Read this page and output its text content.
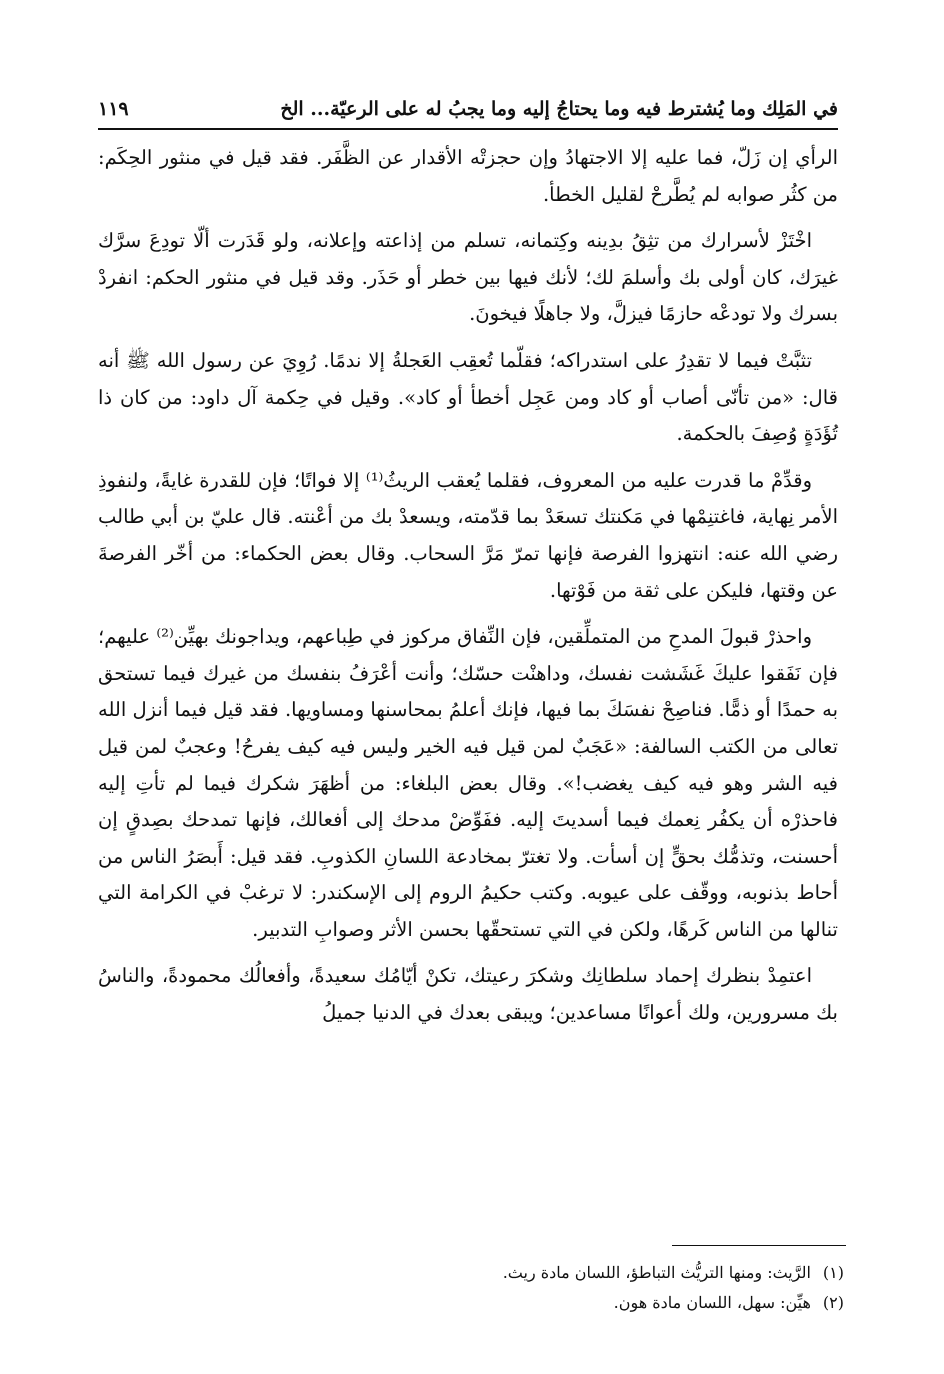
في المَلِك وما يُشترط فيه وما يحتاجُ إليه وما يجبُ له على الرعيّة... الخ
١١٩

الرأي إن زَلّ، فما عليه إلا الاجتهادُ وإن حجزتْه الأقدار عن الظَّفَر. فقد قيل في منثور الحِكَم: من كثُر صوابه لم يُطَّرحْ لقليل الخطأ.

اخْتَزْ لأسرارك من تثِقُ بدِينه وكِتمانه، تسلم من إذاعته وإعلانه، ولو قَدَرت ألّا تودِعَ سرَّك غيرَك، كان أولى بك وأسلمَ لك؛ لأنك فيها بين خطر أو حَذَر. وقد قيل في منثور الحكم: انفردْ بسرك ولا تودعْه حازمًا فيزلَّ، ولا جاهلًا فيخونَ.

تثبَّتْ فيما لا تقدِرُ على استدراكه؛ فقلّما تُعقِب العَجلةُ إلا ندمًا. رُوِيَ عن رسول الله ﷺ أنه قال: «من تأنّى أصاب أو كاد ومن عَجِل أخطأ أو كاد». وقيل في حِكمة آل داود: من كان ذا تُؤَدَةٍ وُصِفَ بالحكمة.

وقدِّمْ ما قدرت عليه من المعروف، فقلما يُعقب الريثُ⁽¹⁾ إلا فواتًا؛ فإن للقدرة غايةً، ولنفوذِ الأمر نِهاية، فاغتنِمْها في مَكنتك تسعَدْ بما قدّمته، ويسعدْ بك من أعْنته. قال عليّ بن أبي طالب رضي الله عنه: انتهزوا الفرصة فإنها تمرّ مَرَّ السحاب. وقال بعض الحكماء: من أخّر الفرصةَ عن وقتها، فليكن على ثقة من فَوْتها.

واحذرْ قبولَ المدحِ من المتملِّقين، فإن النِّفاق مركوز في طِباعهم، ويداجونك بهيِّن⁽²⁾ عليهم؛ فإن نَفَقوا عليكَ غَشَشت نفسك، وداهنْت حسّك؛ وأنت أعْرَفُ بنفسك من غيرك فيما تستحق به حمدًا أو ذمًّا. فناصِحْ نفسَكَ بما فيها، فإنك أعلمُ بمحاسنها ومساويها. فقد قيل فيما أنزل الله تعالى من الكتب السالفة: «عَجَبٌ لمن قيل فيه الخير وليس فيه كيف يفرحُ! وعجبٌ لمن قيل فيه الشر وهو فيه كيف يغضب!». وقال بعض البلغاء: من أظهَرَ شكرك فيما لم تأتِ إليه فاحذرْه أن يكفُر نِعمك فيما أسديتَ إليه. ففَوِّضْ مدحك إلى أفعالك، فإنها تمدحك بصِدقٍ إن أحسنت، وتذمُّك بحقٍّ إن أسأت. ولا تغترّ بمخادعة اللسانِ الكذوبِ. فقد قيل: أَبصَرُ الناس من أحاط بذنوبه، ووقّف على عيوبه. وكتب حكيمُ الروم إلى الإسكندر: لا ترغبْ في الكرامة التي تنالها من الناس كَرهًا، ولكن في التي تستحقّها بحسن الأثر وصوابِ التدبير.

اعتمِدْ بنظرك إحماد سلطانِك وشكرَ رعيتك، تكنْ أيّامُك سعيدةً، وأفعالُك محمودةً، والناسُ بك مسرورين، ولك أعوانًا مساعدين؛ ويبقى بعدك في الدنيا جميلُ

(١)الرَّيث: ومنها التريُّث التباطؤ، اللسان مادة ريث.
(٢)هيِّن: سهل، اللسان مادة هون.
